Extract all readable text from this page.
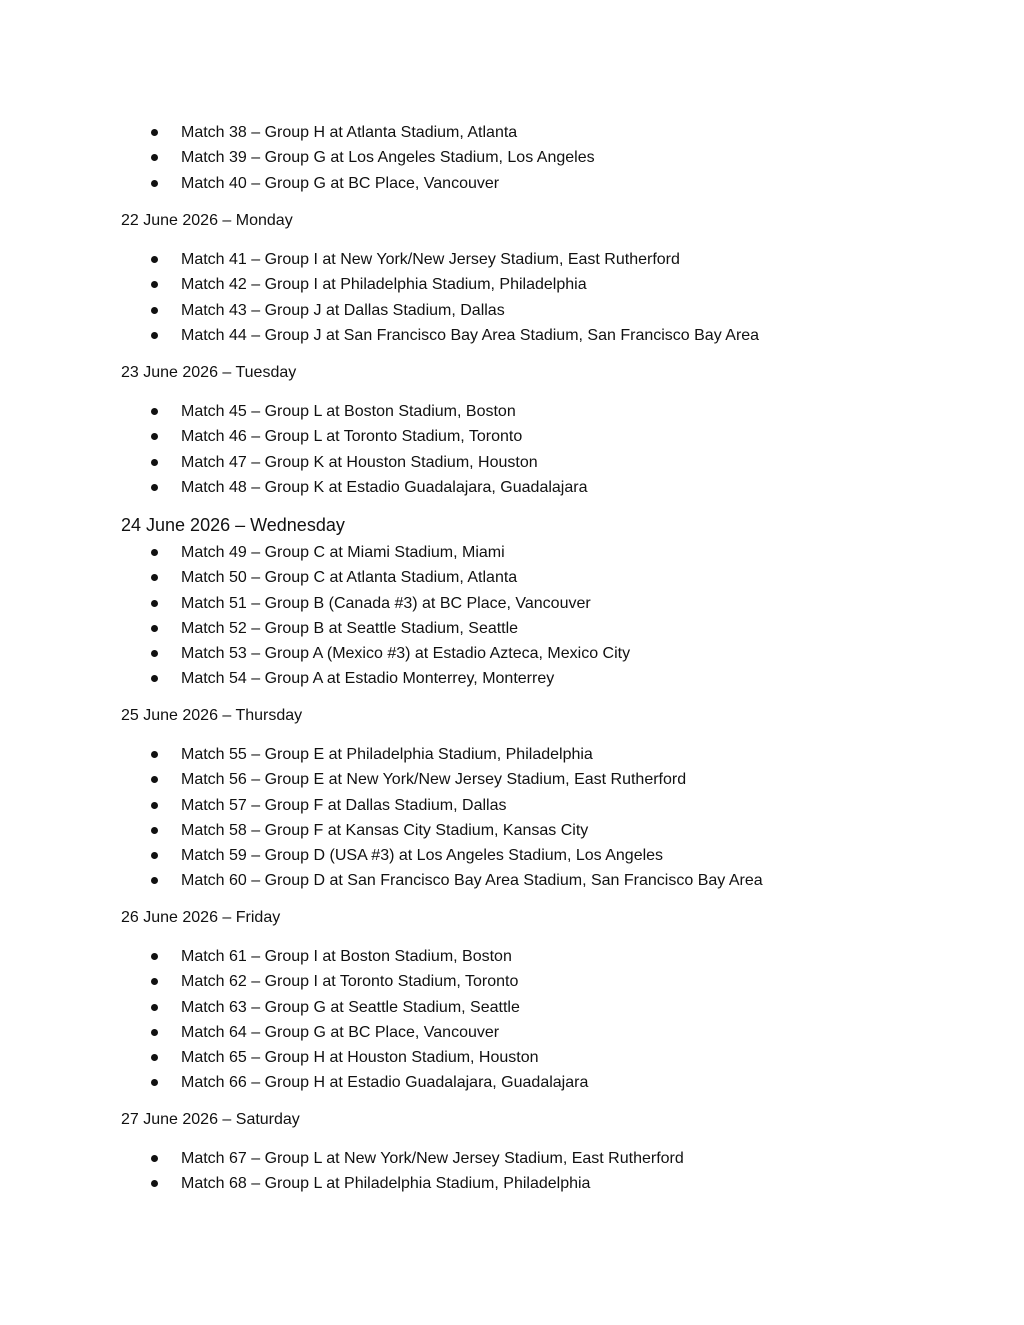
Match 38 – Group H at Atlanta Stadium, Atlanta
Match 39 – Group G at Los Angeles Stadium, Los Angeles
Match 40 – Group G at BC Place, Vancouver
22 June 2026 – Monday
Match 41 – Group I at New York/New Jersey Stadium, East Rutherford
Match 42 – Group I at Philadelphia Stadium, Philadelphia
Match 43 – Group J at Dallas Stadium, Dallas
Match 44 – Group J at San Francisco Bay Area Stadium, San Francisco Bay Area
23 June 2026 – Tuesday
Match 45 – Group L at Boston Stadium, Boston
Match 46 – Group L at Toronto Stadium, Toronto
Match 47 – Group K at Houston Stadium, Houston
Match 48 – Group K at Estadio Guadalajara, Guadalajara
24 June 2026 – Wednesday
Match 49 – Group C at Miami Stadium, Miami
Match 50 – Group C at Atlanta Stadium, Atlanta
Match 51 – Group B (Canada #3) at BC Place, Vancouver
Match 52 – Group B at Seattle Stadium, Seattle
Match 53 – Group A (Mexico #3) at Estadio Azteca, Mexico City
Match 54 – Group A at Estadio Monterrey, Monterrey
25 June 2026 – Thursday
Match 55 – Group E at Philadelphia Stadium, Philadelphia
Match 56 – Group E at New York/New Jersey Stadium, East Rutherford
Match 57 – Group F at Dallas Stadium, Dallas
Match 58 – Group F at Kansas City Stadium, Kansas City
Match 59 – Group D (USA #3) at Los Angeles Stadium, Los Angeles
Match 60 – Group D at San Francisco Bay Area Stadium, San Francisco Bay Area
26 June 2026 – Friday
Match 61 – Group I at Boston Stadium, Boston
Match 62 – Group I at Toronto Stadium, Toronto
Match 63 – Group G at Seattle Stadium, Seattle
Match 64 – Group G at BC Place, Vancouver
Match 65 – Group H at Houston Stadium, Houston
Match 66 – Group H at Estadio Guadalajara, Guadalajara
27 June 2026 – Saturday
Match 67 – Group L at New York/New Jersey Stadium, East Rutherford
Match 68 – Group L at Philadelphia Stadium, Philadelphia
